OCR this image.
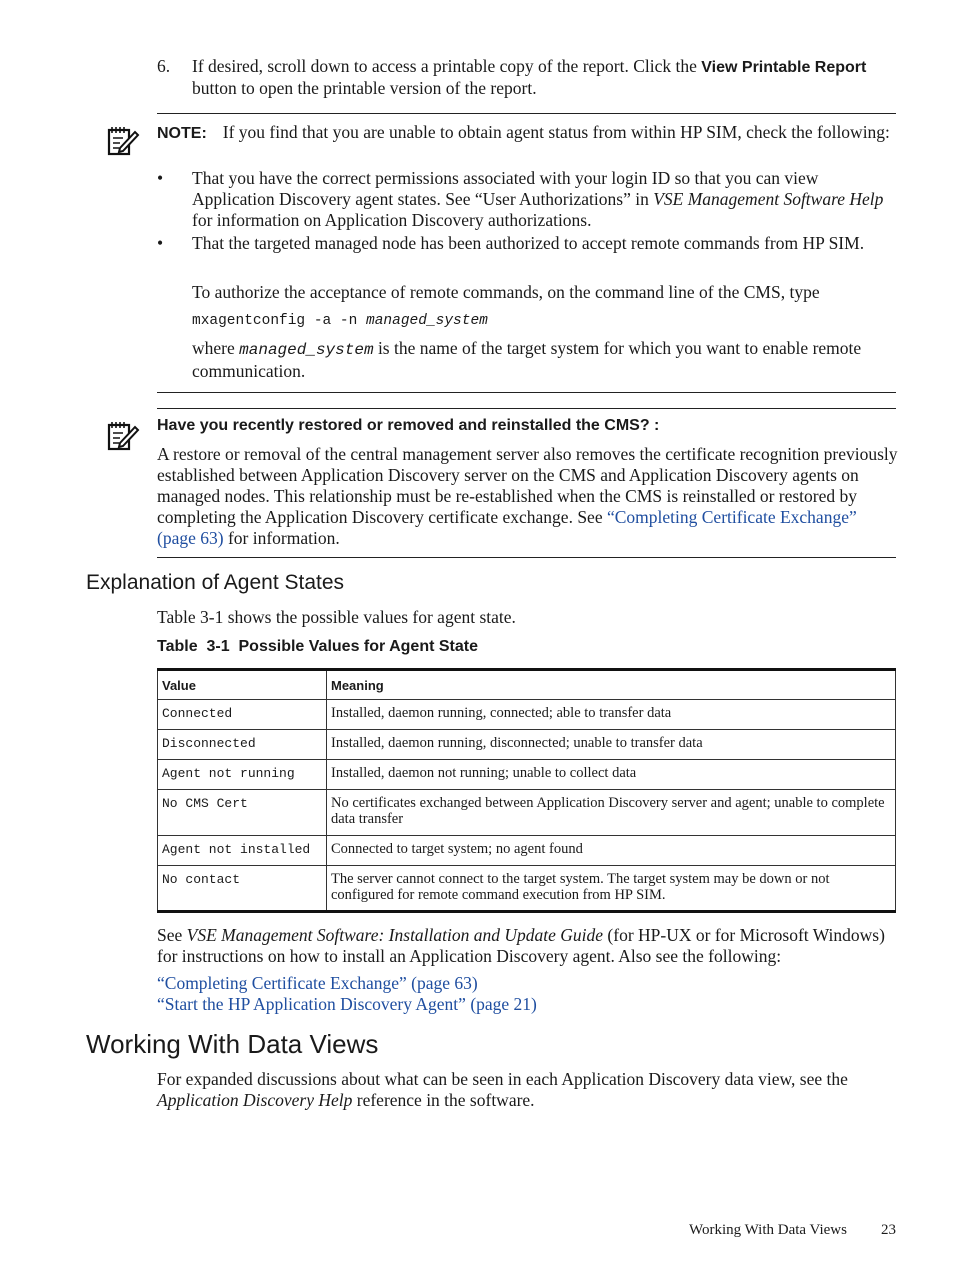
6. If desired, scroll down to access a printable copy of the report. Click the View Printable Report button to open the printable version of the report.

NOTE: If you find that you are unable to obtain agent status from within HP SIM, check the following:

• That you have the correct permissions associated with your login ID so that you can view Application Discovery agent states. See “User Authorizations” in VSE Management Software Help for information on Application Discovery authorizations.

• That the targeted managed node has been authorized to accept remote commands from HP SIM.

To authorize the acceptance of remote commands, on the command line of the CMS, type

mxagentconfig -a -n managed_system

where managed_system is the name of the target system for which you want to enable remote communication.

Have you recently restored or removed and reinstalled the CMS? :

A restore or removal of the central management server also removes the certificate recognition previously established between Application Discovery server on the CMS and Application Discovery agents on managed nodes. This relationship must be re-established when the CMS is reinstalled or restored by completing the Application Discovery certificate exchange. See “Completing Certificate Exchange” (page 63) for information.

Explanation of Agent States

Table 3-1 shows the possible values for agent state.

Table  3-1  Possible Values for Agent State
Value	Meaning
Connected	Installed, daemon running, connected; able to transfer data
Disconnected	Installed, daemon running, disconnected; unable to transfer data
Agent not running	Installed, daemon not running; unable to collect data
No CMS Cert	No certificates exchanged between Application Discovery server and agent; unable to complete data transfer
Agent not installed	Connected to target system; no agent found
No contact	The server cannot connect to the target system. The target system may be down or not configured for remote command execution from HP SIM.

See VSE Management Software: Installation and Update Guide (for HP-UX or for Microsoft Windows) for instructions on how to install an Application Discovery agent. Also see the following:

“Completing Certificate Exchange” (page 63)
“Start the HP Application Discovery Agent” (page 21)
Working With Data Views

For expanded discussions about what can be seen in each Application Discovery data view, see the Application Discovery Help reference in the software.

Working With Data Views 23
